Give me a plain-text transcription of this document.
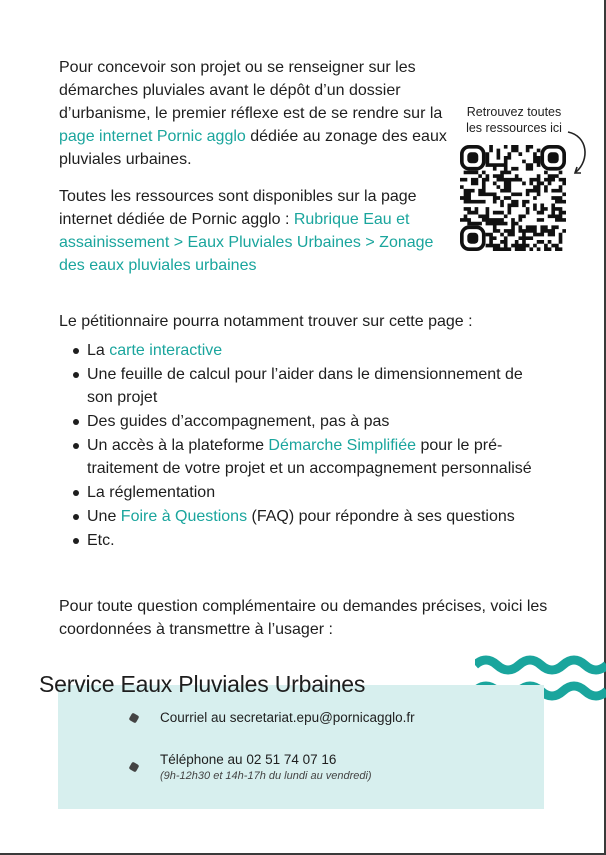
Pour concevoir son projet ou se renseigner sur les démarches pluviales avant le dépôt d’un dossier d’urbanisme, le premier réflexe est de se rendre sur la page internet Pornic agglo dédiée au zonage des eaux pluviales urbaines.

Toutes les ressources sont disponibles sur la page internet dédiée de Pornic agglo : Rubrique Eau et assainissement > Eaux Pluviales Urbaines > Zonage des eaux pluviales urbaines

Retrouvez toutes les ressources ici

Le pétitionnaire pourra notamment trouver sur cette page :

La carte interactive
Une feuille de calcul pour l’aider dans le dimensionnement de son projet
Des guides d’accompagnement, pas à pas
Un accès à la plateforme Démarche Simplifiée pour le pré-traitement de votre projet et un accompagnement personnalisé
La réglementation
Une Foire à Questions (FAQ) pour répondre à ses questions
Etc.

Pour toute question complémentaire ou demandes précises, voici les coordonnées à transmettre à l’usager :

Service Eaux Pluviales Urbaines
Courriel au secretariat.epu@pornicagglo.fr
Téléphone au 02 51 74 07 16
(9h-12h30 et 14h-17h du lundi au vendredi)
